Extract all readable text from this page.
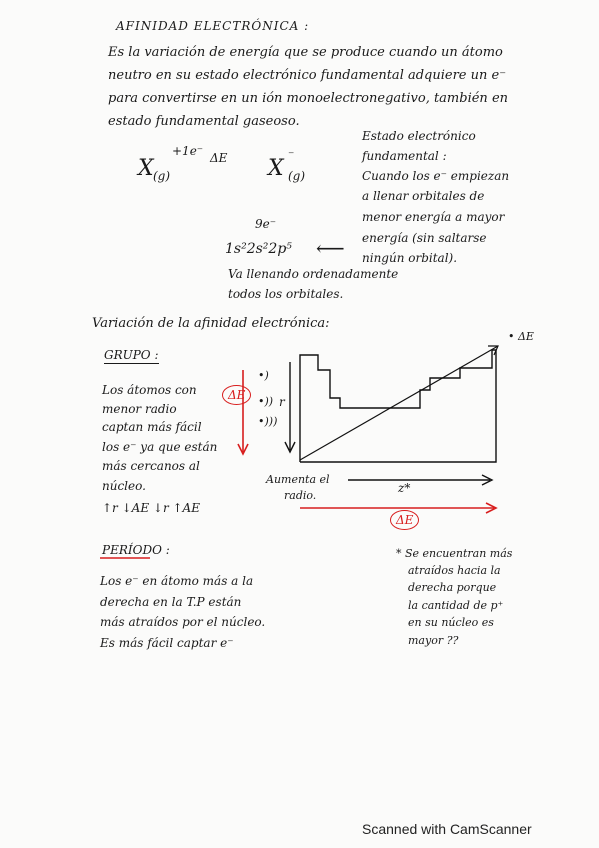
AFINIDAD ELECTRÓNICA :
Es la variación de energía que se produce cuando un átomo
neutro en su estado electrónico fundamental adquiere un e⁻
para convertirse en un ión monoelectronegativo, también en
estado fundamental gaseoso.
X (g)
+1e⁻ ΔE X
⁻
(g)
Estado electrónico
fundamental :
Cuando los e⁻ empiezan
a llenar orbitales de
menor energía a mayor
energía (sin saltarse
ningún orbital).
9e⁻
1s²2s²2p⁵ ⟵
Va llenando ordenadamente
todos los orbitales.
Variación de la afinidad electrónica:
GRUPO :
Los átomos con	ΔE
menor radio
captan más fácil
los e⁻ ya que están
más cercanos al
núcleo.
↑r ↓AE ↓r ↑AE
•)
•))
•)))
r
• ΔE
Aumenta el
radio.
z*
ΔE
PERÍODO :
Los e⁻ en átomo más a la
derecha en la T.P están
más atraídos por el núcleo.
Es más fácil captar e⁻
* Se encuentran más
atraídos hacia la
derecha porque
la cantidad de p⁺
en su núcleo es
mayor ??
Scanned with CamScanner
